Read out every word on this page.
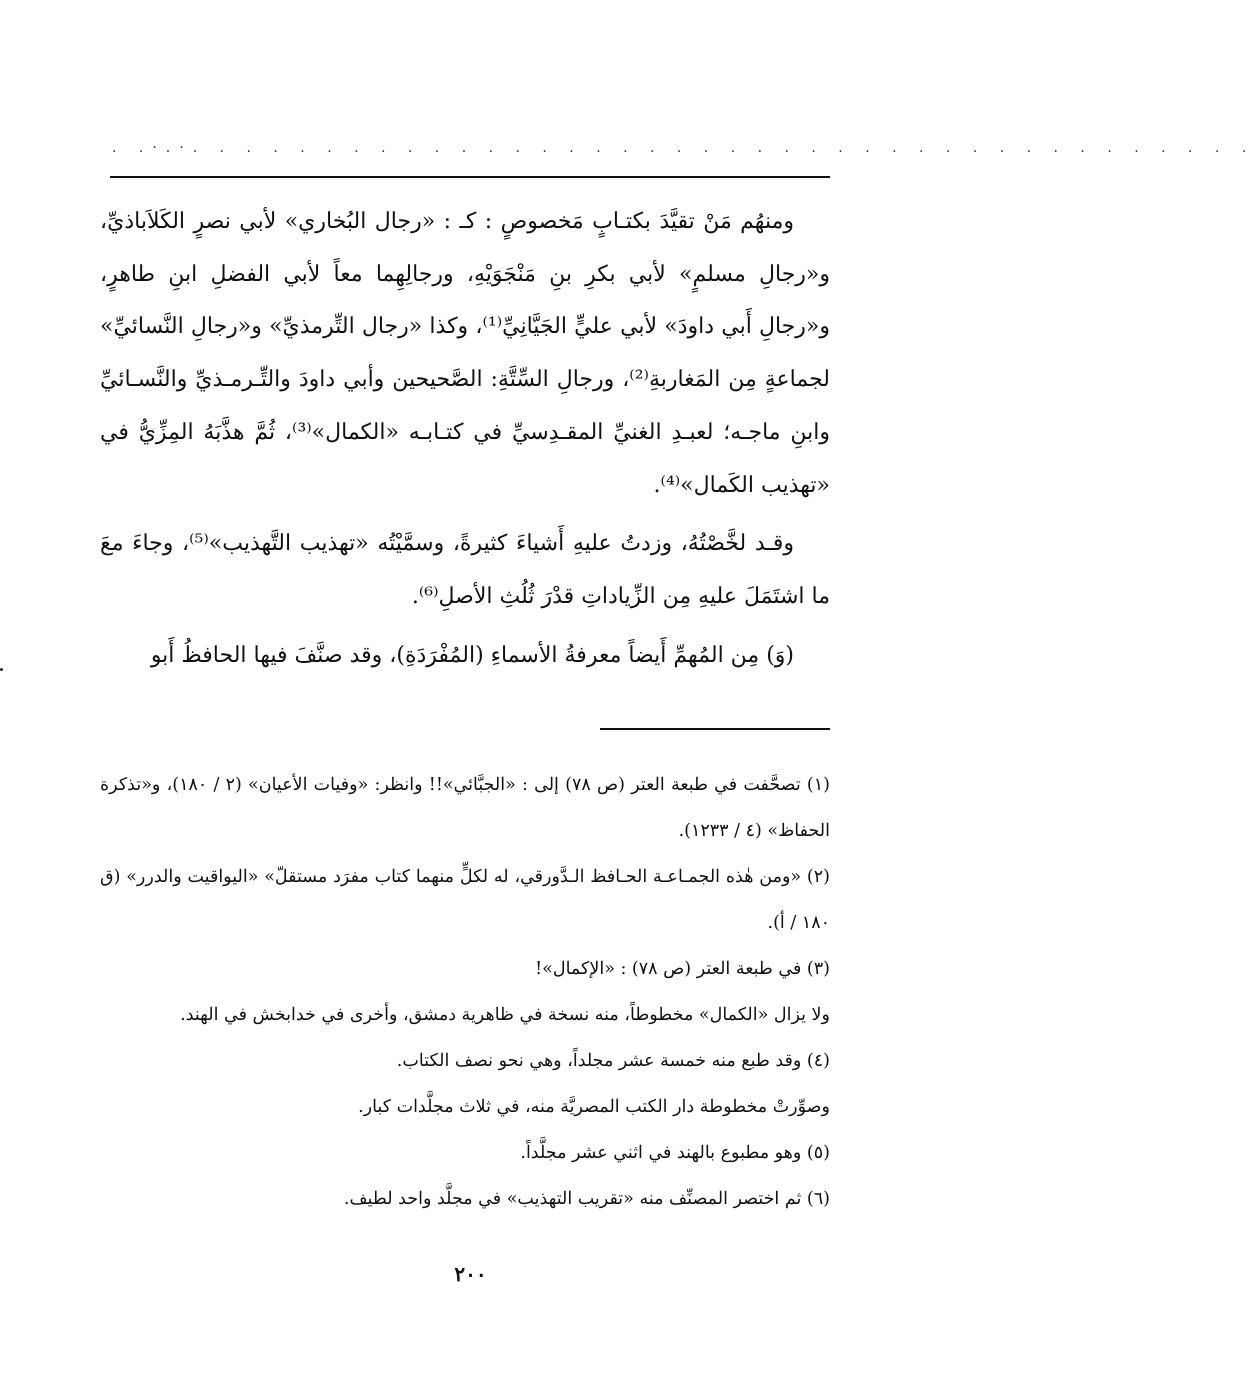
. .·.·. . . . . . . . . . . . . . . . . . . . . . . . . . . . . . . . . . . . . . . .

ومنهُم مَنْ تقيَّدَ بكتـابٍ مَخصوصٍ : كـ : «رجال البُخاري» لأبي نصرٍ الكَلاَباذيِّ، و«رجالِ مسلمٍ» لأبي بكرِ بنِ مَنْجَوَيْهِ، ورجالِهِما معاً لأبي الفضلِ ابنِ طاهرٍ، و«رجالِ أَبي داودَ» لأبي عليٍّ الجَيَّانِيِّ⁽¹⁾، وكذا «رجال التِّرمذيِّ» و«رجالِ النَّسائيِّ» لجماعةٍ مِن المَغاربةِ⁽²⁾، ورجالِ السِّتَّةِ: الصَّحيحين وأبي داودَ والتِّـرمـذيِّ والنَّسـائيِّ وابنِ ماجـه؛ لعبـدِ الغنيِّ المقـدِسيِّ في كتـابـه «الكمال»⁽³⁾، ثُمَّ هذَّبَهُ المِزِّيُّ في «تهذيب الكَمال»⁽⁴⁾.

وقـد لخَّصْتُهُ، وزدتُ عليهِ أَشياءَ كثيرةً، وسمَّيْتُه «تهذيب التَّهذيب»⁽⁵⁾، وجاءَ معَ ما اشتَمَلَ عليهِ مِن الزِّياداتِ قدْرَ ثُلُثِ الأصلِ⁽⁶⁾.

(وَ) مِن المُهمِّ أَيضاً معرفةُ الأسماءِ (المُفْرَدَةِ)، وقد صنَّفَ فيها الحافظُ أَبو

(١) تصحَّفت في طبعة العتر (ص ٧٨) إلى : «الجبَّائي»!! وانظر: «وفيات الأعيان» (٢ / ١٨٠)، و«تذكرة الحفاظ» (٤ / ١٢٣٣).

(٢) «ومن هٰذه الجمـاعـة الحـافظ الـدَّورقي، له لكلٍّ منهما كتاب مفرَد مستقلّ» «اليواقيت والدرر» (ق ١٨٠ / أ).

(٣) في طبعة العتر (ص ٧٨) : «الإكمال»!

ولا يزال «الكمال» مخطوطاً، منه نسخة في ظاهرية دمشق، وأخرى في خدابخش في الهند.

(٤) وقد طبع منه خمسة عشر مجلداً، وهي نحو نصف الكتاب.

وصوِّرتْ مخطوطة دار الكتب المصريَّة منه، في ثلاث مجلَّدات كبار.

(٥) وهو مطبوع بالهند في اثني عشر مجلَّداً.

(٦) ثم اختصر المصنِّف منه «تقريب التهذيب» في مجلَّد واحد لطيف.

٢٠٠
